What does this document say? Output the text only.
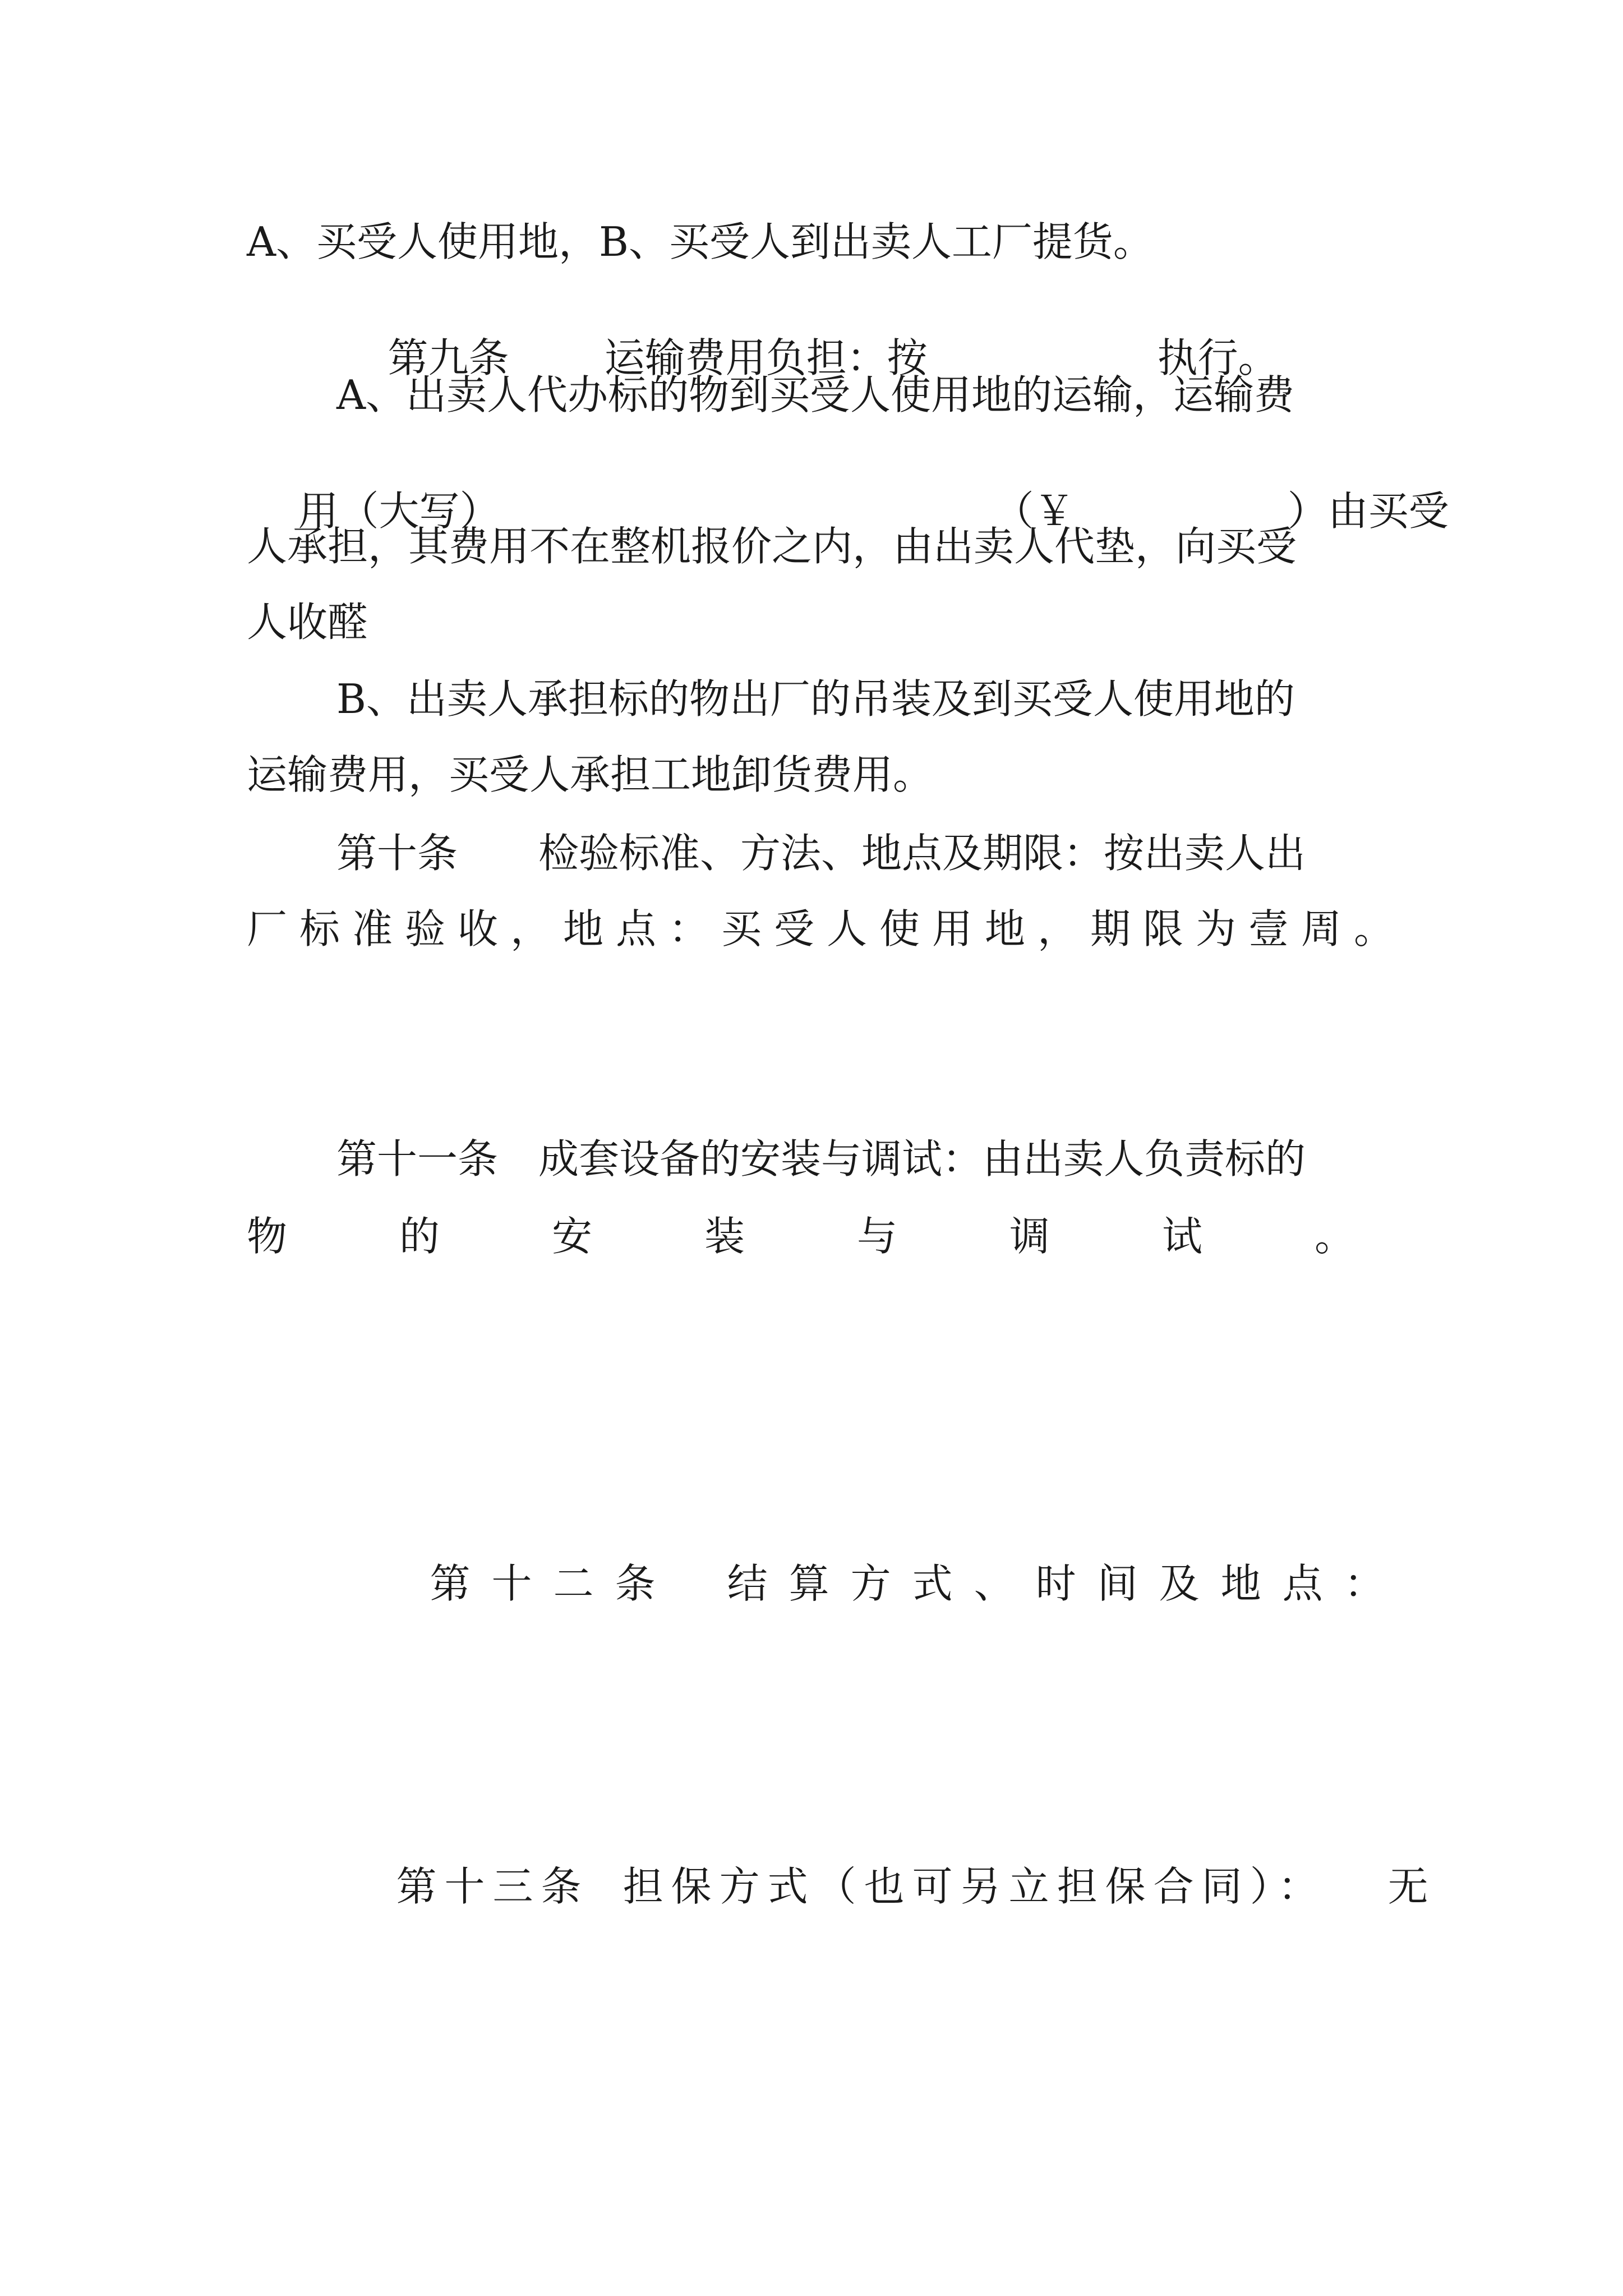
A、买受人使用地，B、买受人到出卖人工厂提货。

第九条 运输费用负担：按	执行。

A、出卖人代办标的物到买受人使用地的运输，运输费

用（大写）	（￥	）由买受

人承担，其费用不在整机报价之内，由出卖人代垫，向买受
人收醛
B、出卖人承担标的物出厂的吊装及到买受人使用地的
运输费用，买受人承担工地卸货费用。
第十条　　检验标准、方法、地点及期限：按出卖人出
厂标准验收，地点：买受人使用地，期限为壹周。
第十一条　成套设备的安装与调试：由出卖人负责标的
物的安装与调试。

第十二条 结算方式、时间及地点：

第十三条 担保方式（也可另立担保合同）： 无
